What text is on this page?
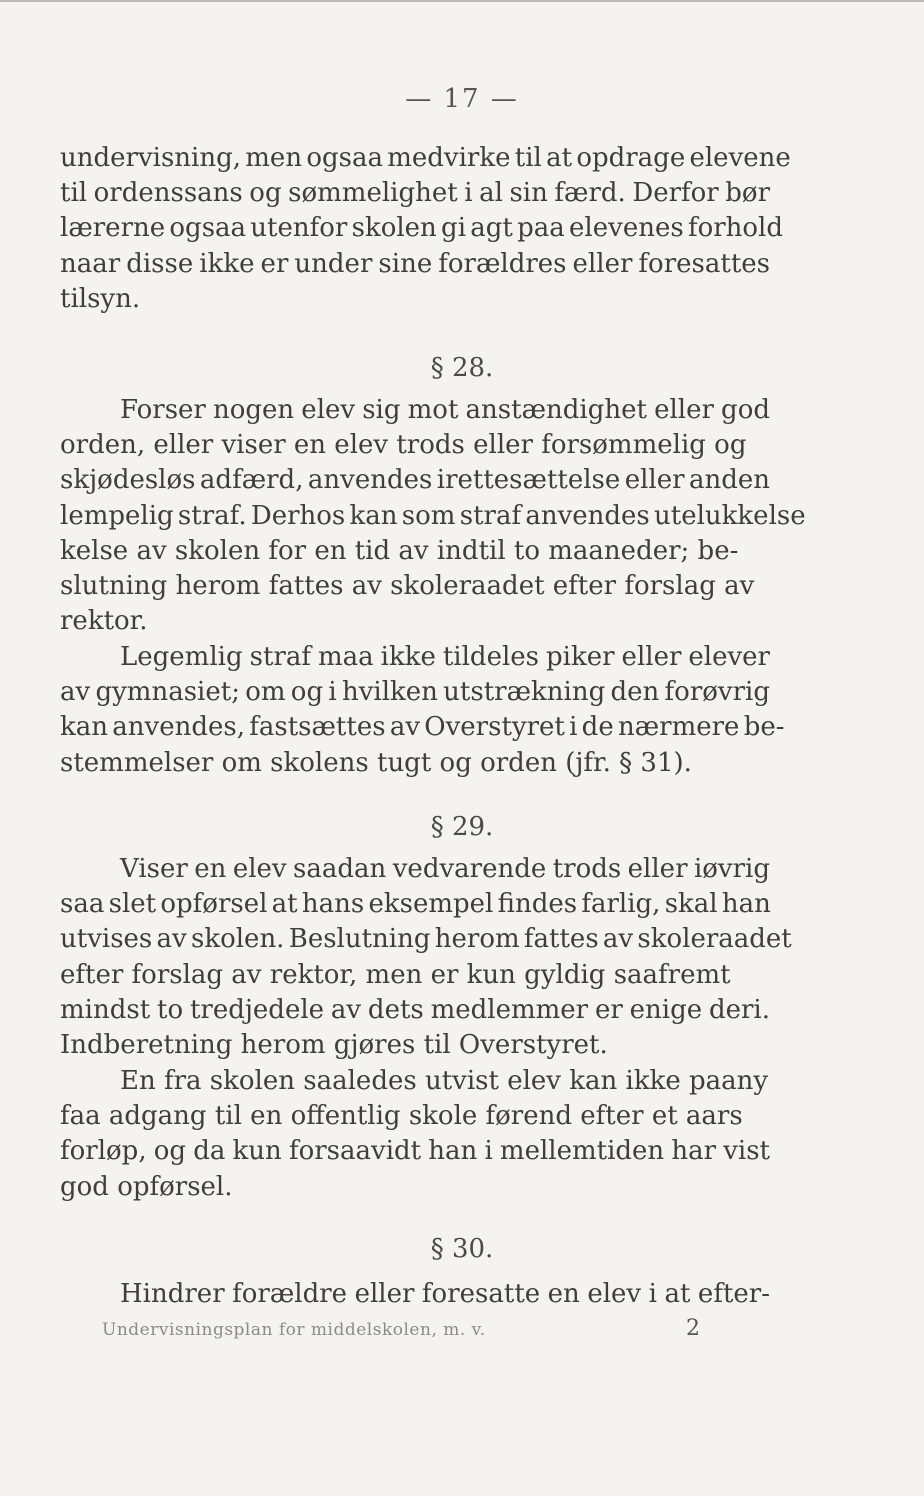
— 17 —
undervisning, men ogsaa medvirke til at opdrage elevene
til ordenssans og sømmelighet i al sin færd. Derfor bør
lærerne ogsaa utenfor skolen gi agt paa elevenes forhold
naar disse ikke er under sine forældres eller foresattes
tilsyn.
§ 28.
Forser nogen elev sig mot anstændighet eller god
orden, eller viser en elev trods eller forsømmelig og
skjødesløs adfærd, anvendes irettesættelse eller anden
lempelig straf. Derhos kan som straf anvendes utelukkelse
kelse av skolen for en tid av indtil to maaneder; be-
slutning herom fattes av skoleraadet efter forslag av
rektor.
Legemlig straf maa ikke tildeles piker eller elever
av gymnasiet; om og i hvilken utstrækning den forøvrig
kan anvendes, fastsættes av Overstyret i de nærmere be-
stemmelser om skolens tugt og orden (jfr. § 31).
§ 29.
Viser en elev saadan vedvarende trods eller iøvrig
saa slet opførsel at hans eksempel findes farlig, skal han
utvises av skolen. Beslutning herom fattes av skoleraadet
efter forslag av rektor, men er kun gyldig saafremt
mindst to tredjedele av dets medlemmer er enige deri.
Indberetning herom gjøres til Overstyret.
En fra skolen saaledes utvist elev kan ikke paany
faa adgang til en offentlig skole førend efter et aars
forløp, og da kun forsaavidt han i mellemtiden har vist
god opførsel.
§ 30.
Hindrer forældre eller foresatte en elev i at efter-
Undervisningsplan for middelskolen, m. v.	2
